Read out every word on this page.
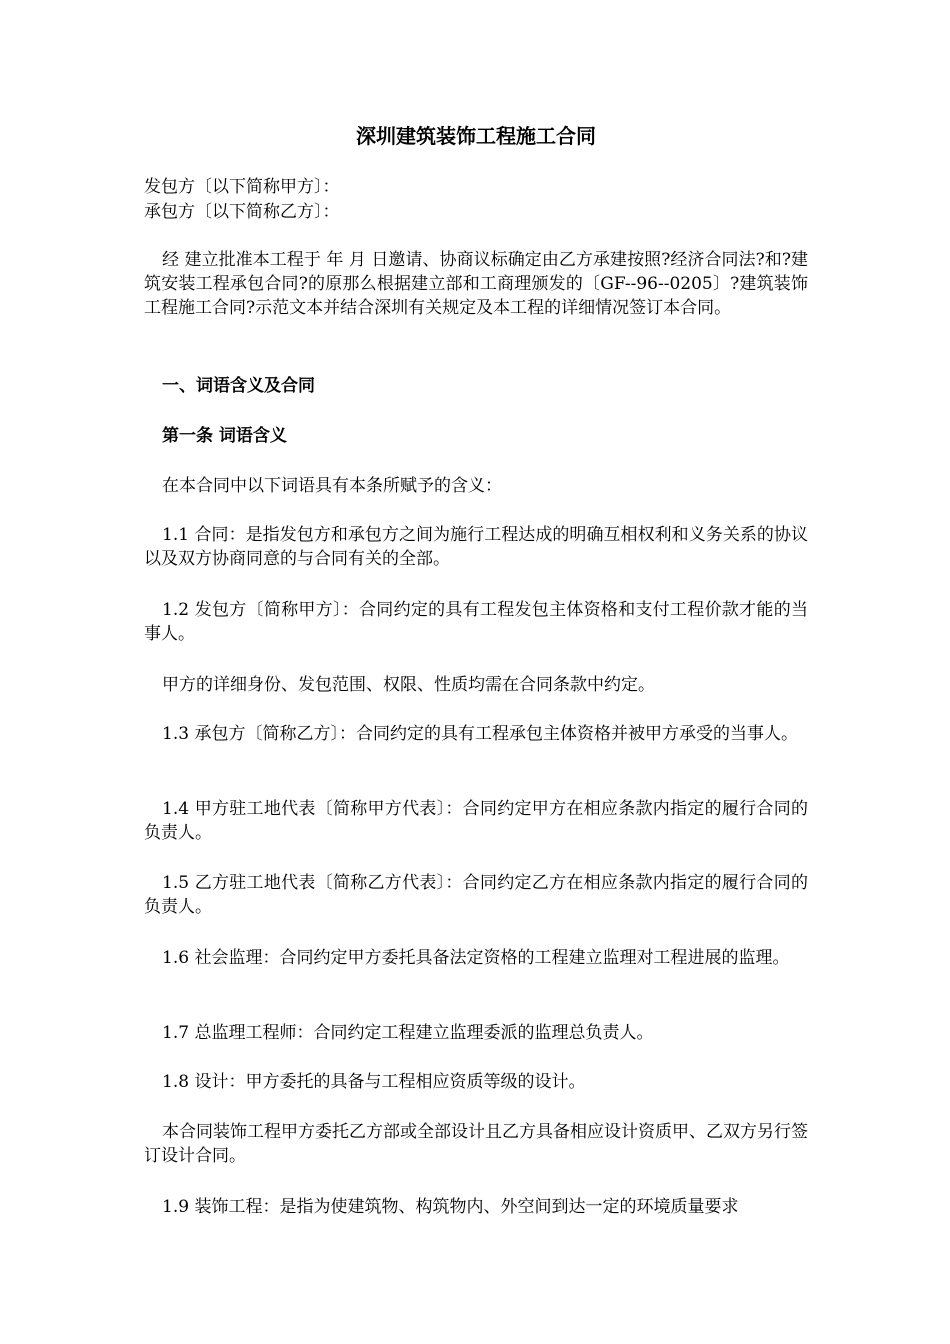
深圳建筑装饰工程施工合同

发包方〔以下简称甲方〕：

承包方〔以下简称乙方〕：

经 建立批准本工程于 年 月 日邀请、协商议标确定由乙方承建按照?经济合同法?和?建筑安装工程承包合同?的原那么根据建立部和工商理颁发的〔GF--96--0205〕?建筑装饰工程施工合同?示范文本并结合深圳有关规定及本工程的详细情况签订本合同。

一、词语含义及合同

第一条 词语含义

在本合同中以下词语具有本条所赋予的含义：

1.1 合同：是指发包方和承包方之间为施行工程达成的明确互相权利和义务关系的协议以及双方协商同意的与合同有关的全部。

1.2 发包方〔简称甲方〕：合同约定的具有工程发包主体资格和支付工程价款才能的当事人。

甲方的详细身份、发包范围、权限、性质均需在合同条款中约定。

1.3 承包方〔简称乙方〕：合同约定的具有工程承包主体资格并被甲方承受的当事人。

1.4 甲方驻工地代表〔简称甲方代表〕：合同约定甲方在相应条款内指定的履行合同的负责人。

1.5 乙方驻工地代表〔简称乙方代表〕：合同约定乙方在相应条款内指定的履行合同的负责人。

1.6 社会监理：合同约定甲方委托具备法定资格的工程建立监理对工程进展的监理。

1.7 总监理工程师：合同约定工程建立监理委派的监理总负责人。

1.8 设计：甲方委托的具备与工程相应资质等级的设计。

本合同装饰工程甲方委托乙方部或全部设计且乙方具备相应设计资质甲、乙双方另行签订设计合同。

1.9 装饰工程：是指为使建筑物、构筑物内、外空间到达一定的环境质量要求
